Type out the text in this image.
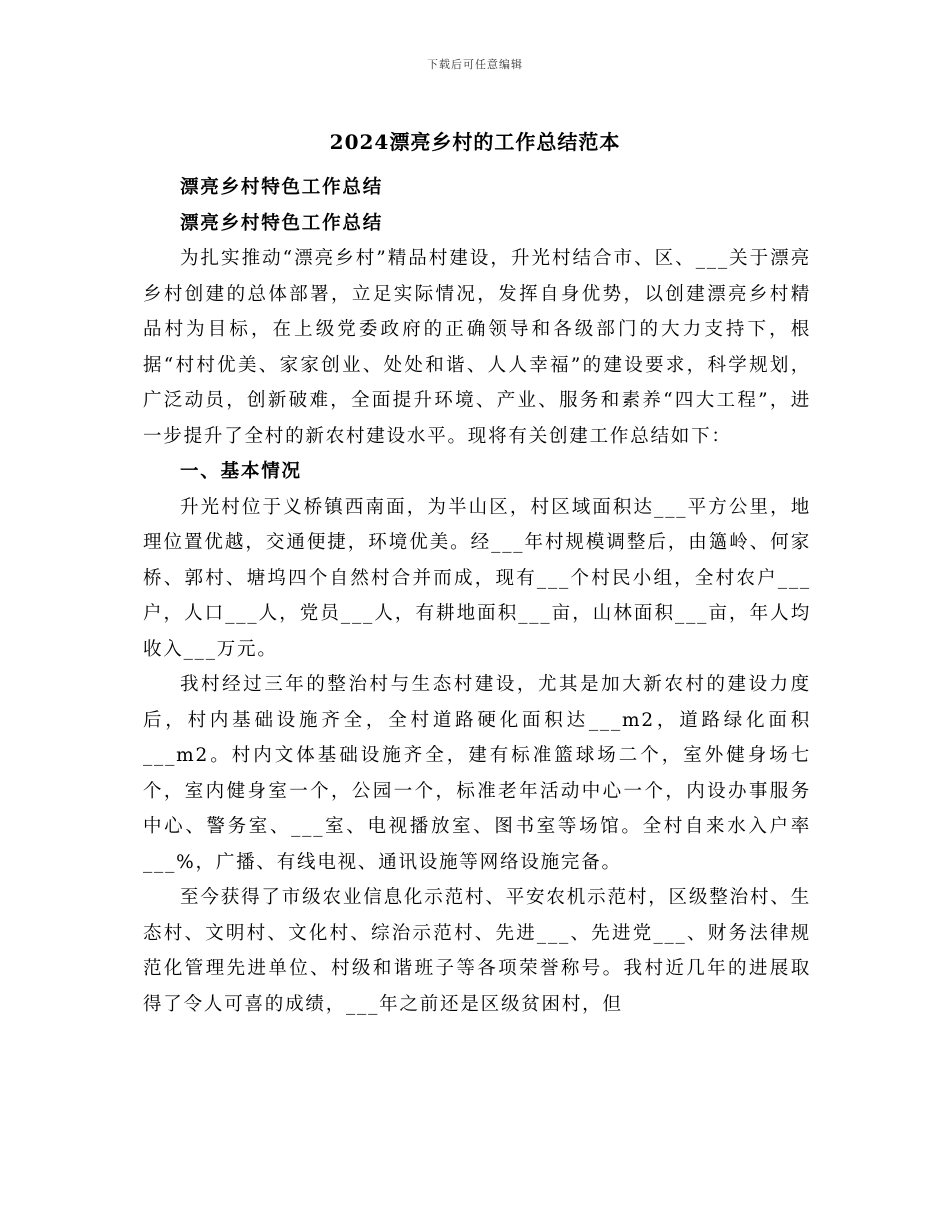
下载后可任意编辑
2024漂亮乡村的工作总结范本

漂亮乡村特色工作总结

漂亮乡村特色工作总结

为扎实推动“漂亮乡村”精品村建设，升光村结合市、区、___关于漂亮乡村创建的总体部署，立足实际情况，发挥自身优势，以创建漂亮乡村精品村为目标，在上级党委政府的正确领导和各级部门的大力支持下，根据“村村优美、家家创业、处处和谐、人人幸福”的建设要求，科学规划，广泛动员，创新破难，全面提升环境、产业、服务和素养“四大工程”，进一步提升了全村的新农村建设水平。现将有关创建工作总结如下：

一、基本情况

升光村位于义桥镇西南面，为半山区，村区域面积达___平方公里，地理位置优越，交通便捷，环境优美。经___年村规模调整后，由簻岭、何家桥、郭村、塘坞四个自然村合并而成，现有___个村民小组，全村农户___户，人口___人，党员___人，有耕地面积___亩，山林面积___亩，年人均收入___万元。

我村经过三年的整治村与生态村建设，尤其是加大新农村的建设力度后，村内基础设施齐全，全村道路硬化面积达___m2，道路绿化面积___m2。村内文体基础设施齐全，建有标准篮球场二个，室外健身场七个，室内健身室一个，公园一个，标准老年活动中心一个，内设办事服务中心、警务室、___室、电视播放室、图书室等场馆。全村自来水入户率___%，广播、有线电视、通讯设施等网络设施完备。

至今获得了市级农业信息化示范村、平安农机示范村，区级整治村、生态村、文明村、文化村、综治示范村、先进___、先进党___、财务法律规范化管理先进单位、村级和谐班子等各项荣誉称号。我村近几年的进展取得了令人可喜的成绩，___年之前还是区级贫困村，但
